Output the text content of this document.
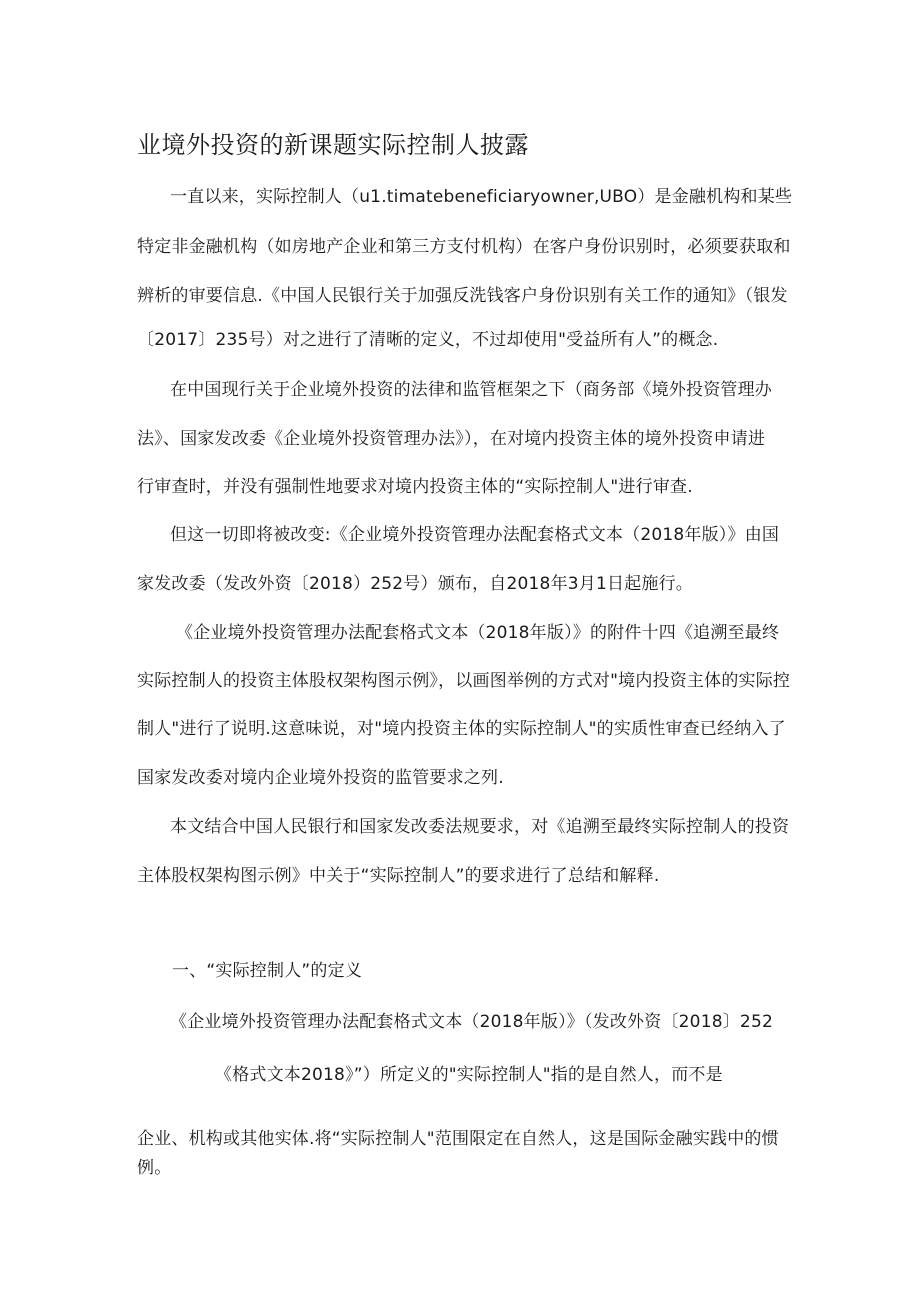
业境外投资的新课题实际控制人披露
一直以来，实际控制人（u1.timatebeneficiaryowner,UBO）是金融机构和某些
特定非金融机构（如房地产企业和第三方支付机构）在客户身份识别时，必须要获取和
辨析的审要信息.《中国人民银行关于加强反洗钱客户身份识别有关工作的通知》（银发
〔2017〕235号）对之进行了清晰的定义，不过却使用"受益所有人”的概念.
在中国现行关于企业境外投资的法律和监管框架之下（商务部《境外投资管理办
法》、国家发改委《企业境外投资管理办法》），在对境内投资主体的境外投资申请进
行审查时，并没有强制性地要求对境内投资主体的“实际控制人"进行审查.
但这一切即将被改变:《企业境外投资管理办法配套格式文本（2018年版）》由国
家发改委（发改外资〔2018）252号）颁布，自2018年3月1日起施行。
《企业境外投资管理办法配套格式文本（2018年版）》的附件十四《追溯至最终
实际控制人的投资主体股权架构图示例》，以画图举例的方式对"境内投资主体的实际控
制人"进行了说明.这意味说，对"境内投资主体的实际控制人"的实质性审查已经纳入了
国家发改委对境内企业境外投资的监管要求之列.
本文结合中国人民银行和国家发改委法规要求，对《追溯至最终实际控制人的投资
主体股权架构图示例》中关于“实际控制人”的要求进行了总结和解释.
一、“实际控制人”的定义
《企业境外投资管理办法配套格式文本（2018年版）》（发改外资〔2018〕252
《格式文本2018》”）所定义的"实际控制人"指的是自然人，而不是
企业、机构或其他实体.将“实际控制人"范围限定在自然人，这是国际金融实践中的惯
例。
